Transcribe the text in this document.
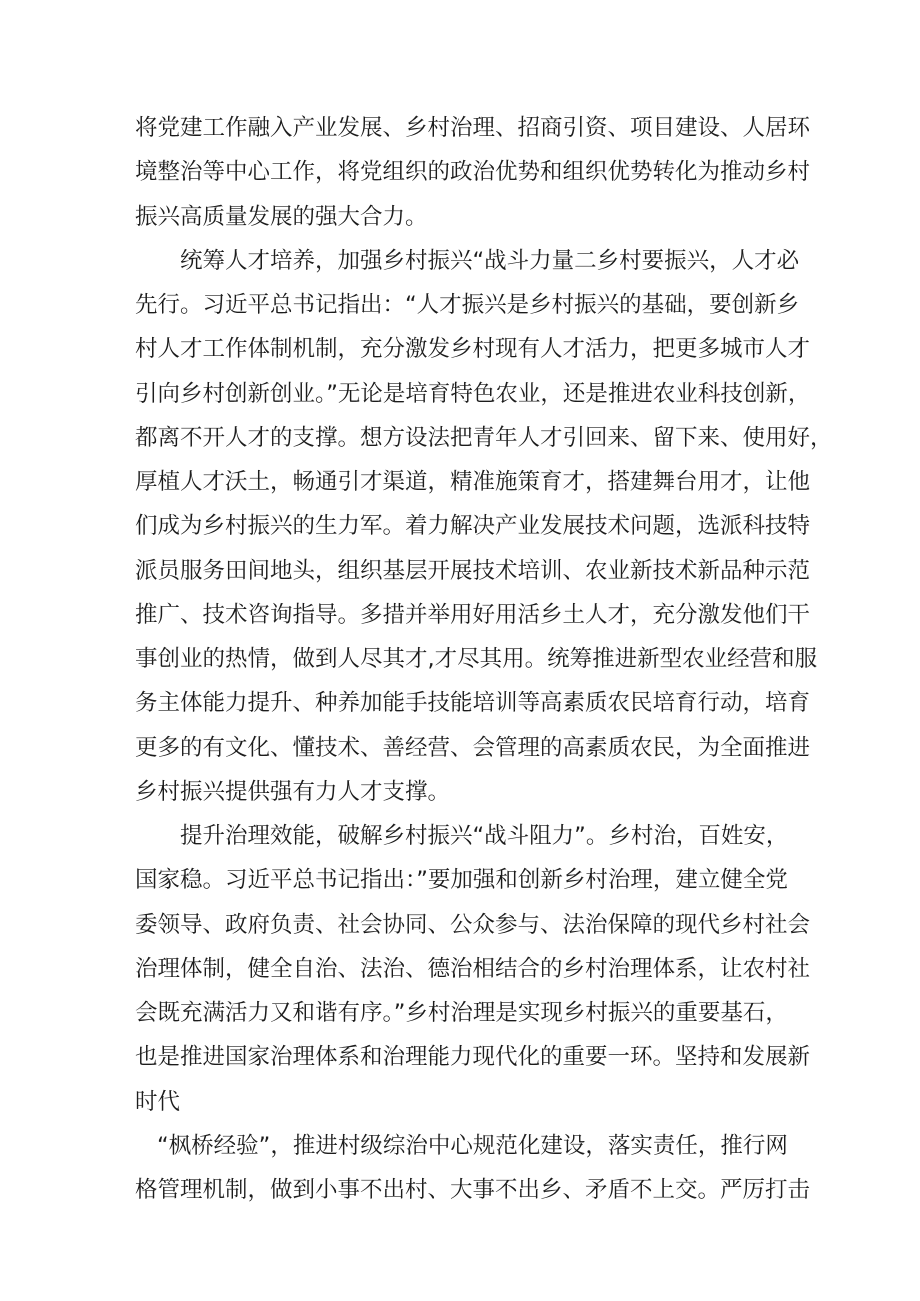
将党建工作融入产业发展、乡村治理、招商引资、项目建设、人居环
境整治等中心工作，将党组织的政治优势和组织优势转化为推动乡村
振兴高质量发展的强大合力。
统筹人才培养，加强乡村振兴“战斗力量二乡村要振兴，人才必
先行。习近平总书记指出：“人才振兴是乡村振兴的基础，要创新乡
村人才工作体制机制，充分激发乡村现有人才活力，把更多城市人才
引向乡村创新创业。”无论是培育特色农业，还是推进农业科技创新，
都离不开人才的支撑。想方设法把青年人才引回来、留下来、使用好，
厚植人才沃土，畅通引才渠道，精准施策育才，搭建舞台用才，让他
们成为乡村振兴的生力军。着力解决产业发展技术问题，选派科技特
派员服务田间地头，组织基层开展技术培训、农业新技术新品种示范
推广、技术咨询指导。多措并举用好用活乡土人才，充分激发他们干
事创业的热情，做到人尽其才,才尽其用。统筹推进新型农业经营和服
务主体能力提升、种养加能手技能培训等高素质农民培育行动，培育
更多的有文化、懂技术、善经营、会管理的高素质农民，为全面推进
乡村振兴提供强有力人才支撑。
提升治理效能，破解乡村振兴“战斗阻力”。乡村治，百姓安，
国家稳。习近平总书记指出：”要加强和创新乡村治理，建立健全党
委领导、政府负责、社会协同、公众参与、法治保障的现代乡村社会
治理体制，健全自治、法治、德治相结合的乡村治理体系，让农村社
会既充满活力又和谐有序。”乡村治理是实现乡村振兴的重要基石，
也是推进国家治理体系和治理能力现代化的重要一环。坚持和发展新
时代
“枫桥经验”，推进村级综治中心规范化建设，落实责任，推行网
格管理机制，做到小事不出村、大事不出乡、矛盾不上交。严厉打击
